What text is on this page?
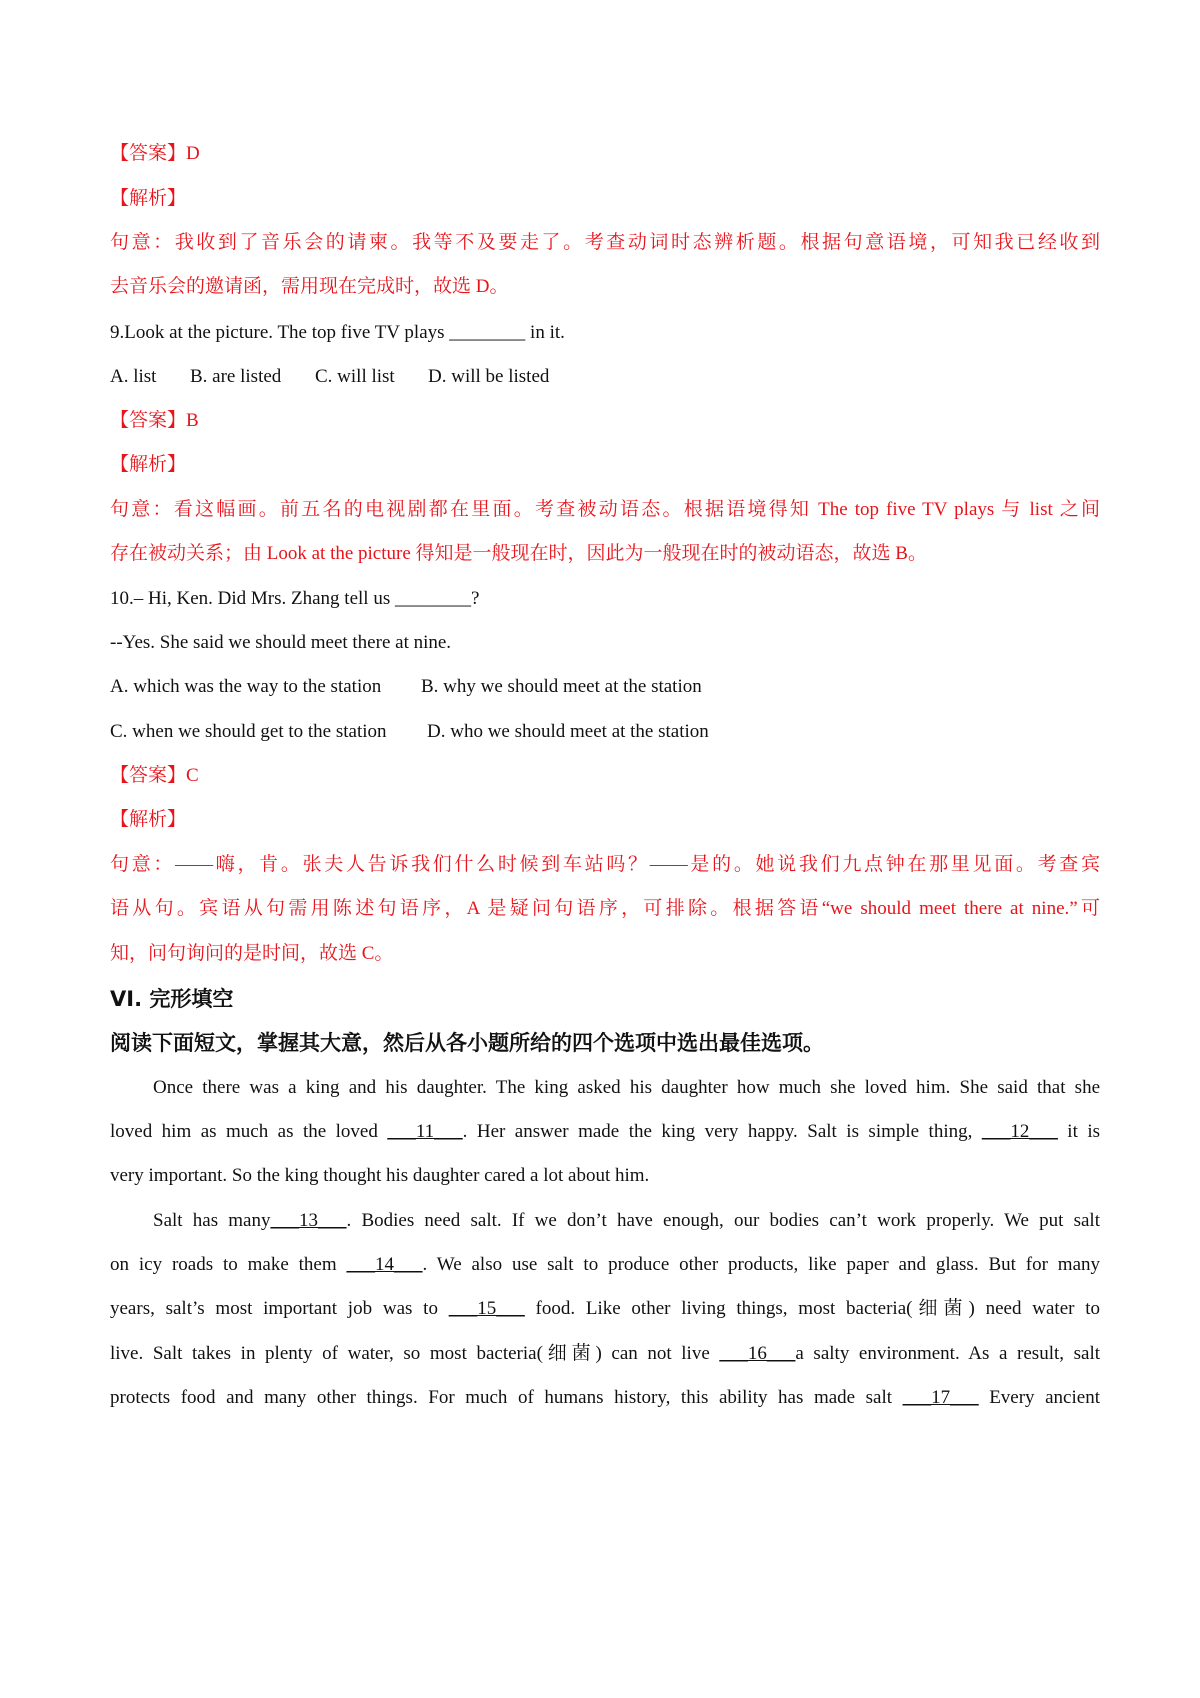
【答案】D
【解析】
句意：我收到了音乐会的请柬。我等不及要走了。考查动词时态辨析题。根据句意语境，可知我已经收到
去音乐会的邀请函，需用现在完成时，故选 D。
9.Look at the picture. The top five TV plays ________ in it.
A. list B. are listed C. will list D. will be listed
【答案】B
【解析】
句意：看这幅画。前五名的电视剧都在里面。考查被动语态。根据语境得知 The top five TV plays 与 list 之间
存在被动关系；由 Look at the picture 得知是一般现在时，因此为一般现在时的被动语态，故选 B。
10.– Hi, Ken. Did Mrs. Zhang tell us ________?
--Yes. She said we should meet there at nine.
A. which was the way to the station B. why we should meet at the station
C. when we should get to the station D. who we should meet at the station
【答案】C
【解析】
句意：——嗨，肯。张夫人告诉我们什么时候到车站吗？——是的。她说我们九点钟在那里见面。考查宾
语从句。宾语从句需用陈述句语序，A 是疑问句语序，可排除。根据答语“we should meet there at nine.”可
知，问句询问的是时间，故选 C。
VI. 完形填空
阅读下面短文，掌握其大意，然后从各小题所给的四个选项中选出最佳选项。
Once there was a king and his daughter. The king asked his daughter how much she loved him. She said that she
loved him as much as the loved ___11___. Her answer made the king very happy. Salt is simple thing, ___12___ it is
very important. So the king thought his daughter cared a lot about him.
Salt has many___13___. Bodies need salt. If we don’t have enough, our bodies can’t work properly. We put salt
on icy roads to make them ___14___. We also use salt to produce other products, like paper and glass. But for many
years, salt’s most important job was to ___15___ food. Like other living things, most bacteria(细菌) need water to
live. Salt takes in plenty of water, so most bacteria(细菌) can not live ___16___a salty environment. As a result, salt
protects food and many other things. For much of humans history, this ability has made salt ___17___ Every ancient
